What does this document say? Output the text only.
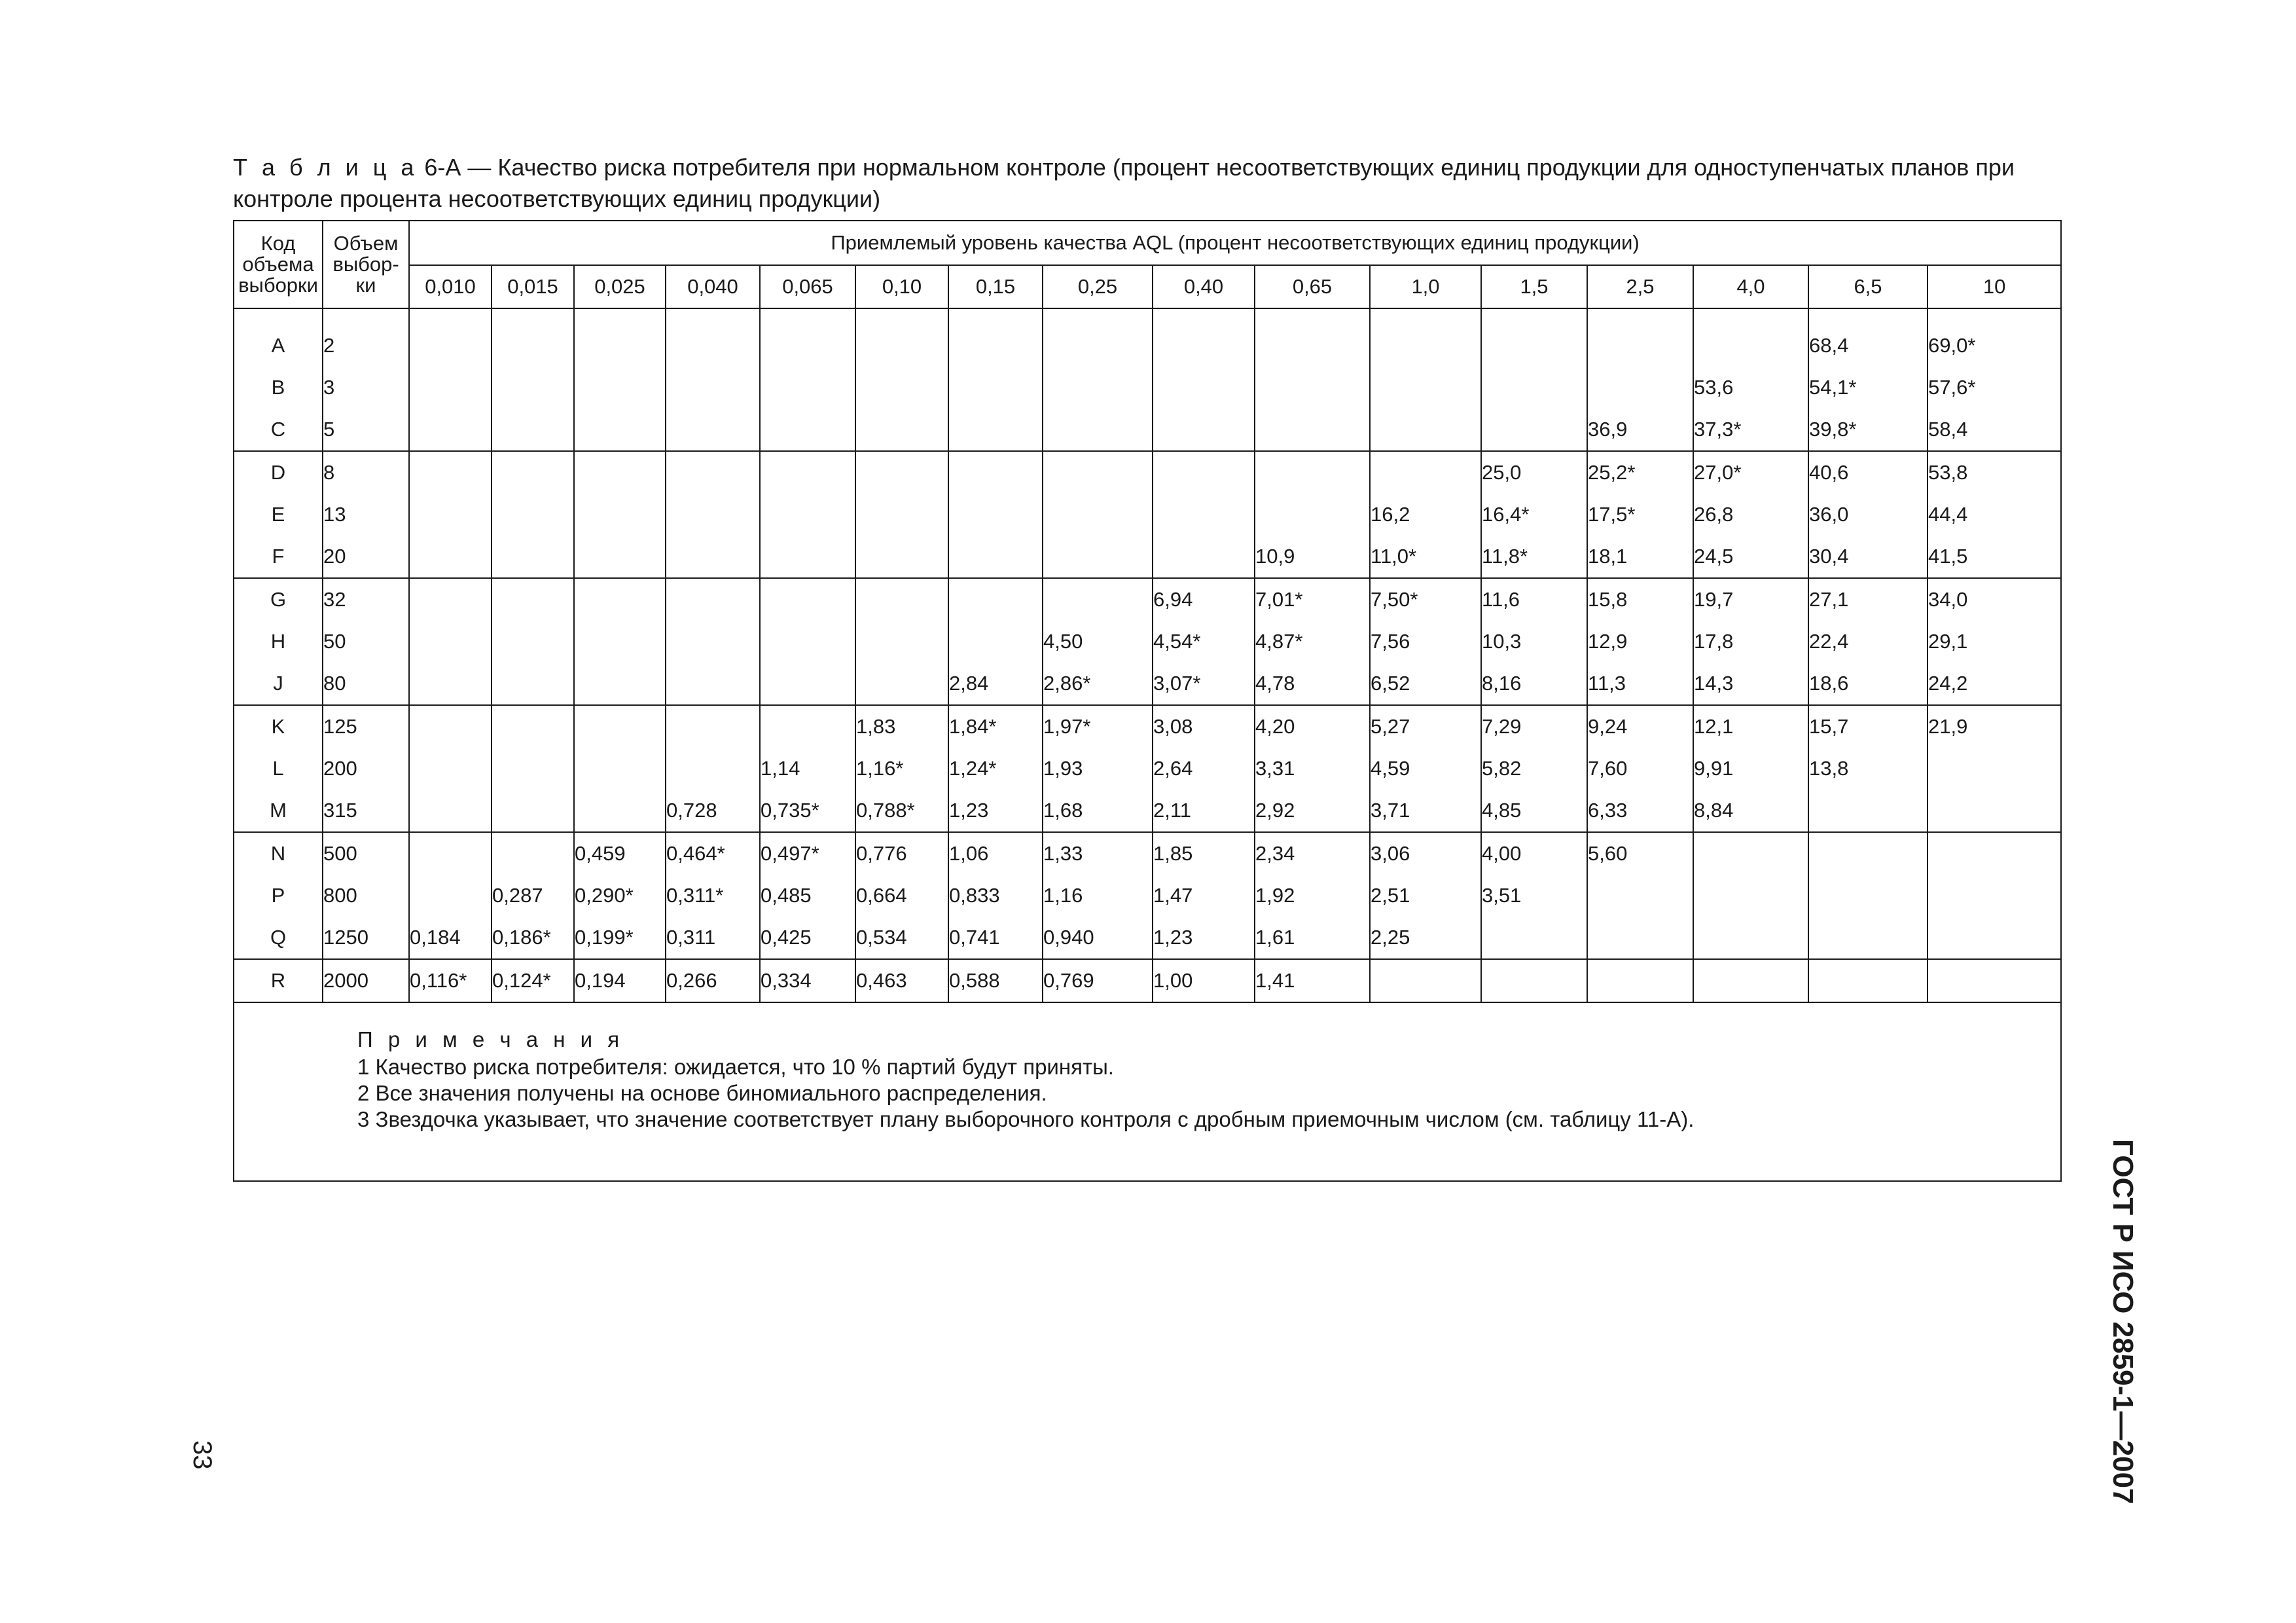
Т а б л и ц а 6-А — Качество риска потребителя при нормальном контроле (процент несоответствующих единиц продукции для одноступенчатых планов при контроле процента несоответствующих единиц продукции)

Код объема выборки	Объем выбор-ки	Приемлемый уровень качества AQL (процент несоответствующих единиц продукции)															
		0,010	0,015	0,025	0,040	0,065	0,10	0,15	0,25	0,40	0,65	1,0	1,5	2,5	4,0	6,5	10

A	2															68,4	69,0*
B	3														53,6	54,1*	57,6*
C	5													36,9	37,3*	39,8*	58,4
D	8												25,0	25,2*	27,0*	40,6	53,8
E	13											16,2	16,4*	17,5*	26,8	36,0	44,4
F	20										10,9	11,0*	11,8*	18,1	24,5	30,4	41,5
G	32									6,94	7,01*	7,50*	11,6	15,8	19,7	27,1	34,0
H	50								4,50	4,54*	4,87*	7,56	10,3	12,9	17,8	22,4	29,1
J	80							2,84	2,86*	3,07*	4,78	6,52	8,16	11,3	14,3	18,6	24,2
K	125						1,83	1,84*	1,97*	3,08	4,20	5,27	7,29	9,24	12,1	15,7	21,9
L	200					1,14	1,16*	1,24*	1,93	2,64	3,31	4,59	5,82	7,60	9,91	13,8	
M	315				0,728	0,735*	0,788*	1,23	1,68	2,11	2,92	3,71	4,85	6,33	8,84		
N	500			0,459	0,464*	0,497*	0,776	1,06	1,33	1,85	2,34	3,06	4,00	5,60			
P	800		0,287	0,290*	0,311*	0,485	0,664	0,833	1,16	1,47	1,92	2,51	3,51				
Q	1250	0,184	0,186*	0,199*	0,311	0,425	0,534	0,741	0,940	1,23	1,61	2,25					
R	2000	0,116*	0,124*	0,194	0,266	0,334	0,463	0,588	0,769	1,00	1,41						
П р и м е ч а н и я
1 Качество риска потребителя: ожидается, что 10 % партий будут приняты.
2 Все значения получены на основе биномиального распределения.
3 Звездочка указывает, что значение соответствует плану выборочного контроля с дробным приемочным числом (см. таблицу 11-А).
ГОСТ Р ИСО 2859-1—2007
33
